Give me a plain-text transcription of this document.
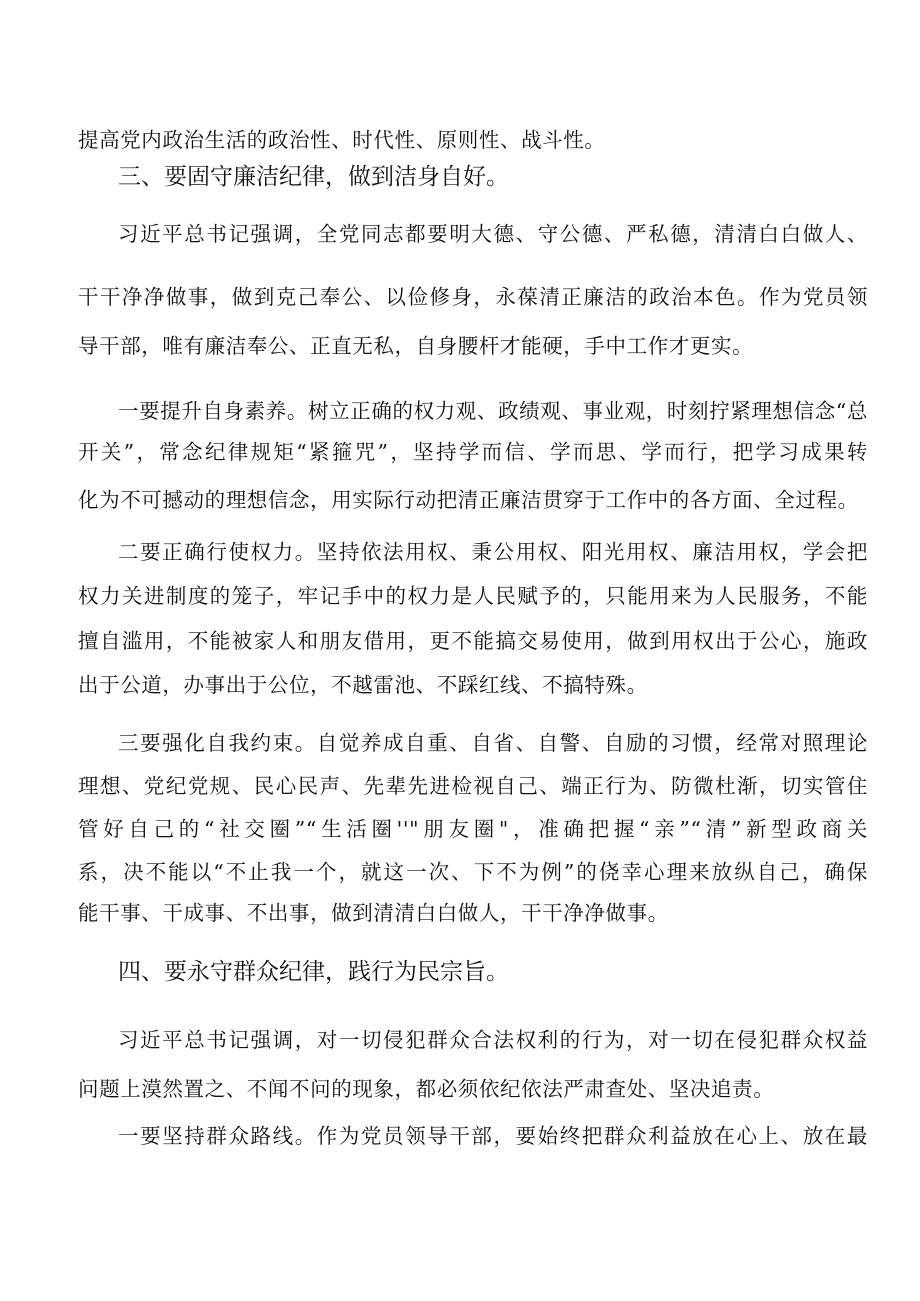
提高党内政治生活的政治性、时代性、原则性、战斗性。
三、要固守廉洁纪律，做到洁身自好。
习近平总书记强调，全党同志都要明大德、守公德、严私德，清清白白做人、
干干净净做事，做到克己奉公、以俭修身，永葆清正廉洁的政治本色。作为党员领
导干部，唯有廉洁奉公、正直无私，自身腰杆才能硬，手中工作才更实。
一要提升自身素养。树立正确的权力观、政绩观、事业观，时刻拧紧理想信念“总
开关”，常念纪律规矩“紧箍咒”，坚持学而信、学而思、学而行，把学习成果转
化为不可撼动的理想信念，用实际行动把清正廉洁贯穿于工作中的各方面、全过程。
二要正确行使权力。坚持依法用权、秉公用权、阳光用权、廉洁用权，学会把
权力关进制度的笼子，牢记手中的权力是人民赋予的，只能用来为人民服务，不能
擅自滥用，不能被家人和朋友借用，更不能搞交易使用，做到用权出于公心，施政
出于公道，办事出于公位，不越雷池、不踩红线、不搞特殊。
三要强化自我约束。自觉养成自重、自省、自警、自励的习惯，经常对照理论
理想、党纪党规、民心民声、先辈先进检视自己、端正行为、防微杜渐，切实管住
管好自己的“社交圈”“生活圈''"朋友圈"，准确把握“亲”“清”新型政商关
系，决不能以“不止我一个，就这一次、下不为例”的侥幸心理来放纵自己，确保
能干事、干成事、不出事，做到清清白白做人，干干净净做事。
四、要永守群众纪律，践行为民宗旨。
习近平总书记强调，对一切侵犯群众合法权利的行为，对一切在侵犯群众权益
问题上漠然置之、不闻不问的现象，都必须依纪依法严肃查处、坚决追责。
一要坚持群众路线。作为党员领导干部，要始终把群众利益放在心上、放在最
